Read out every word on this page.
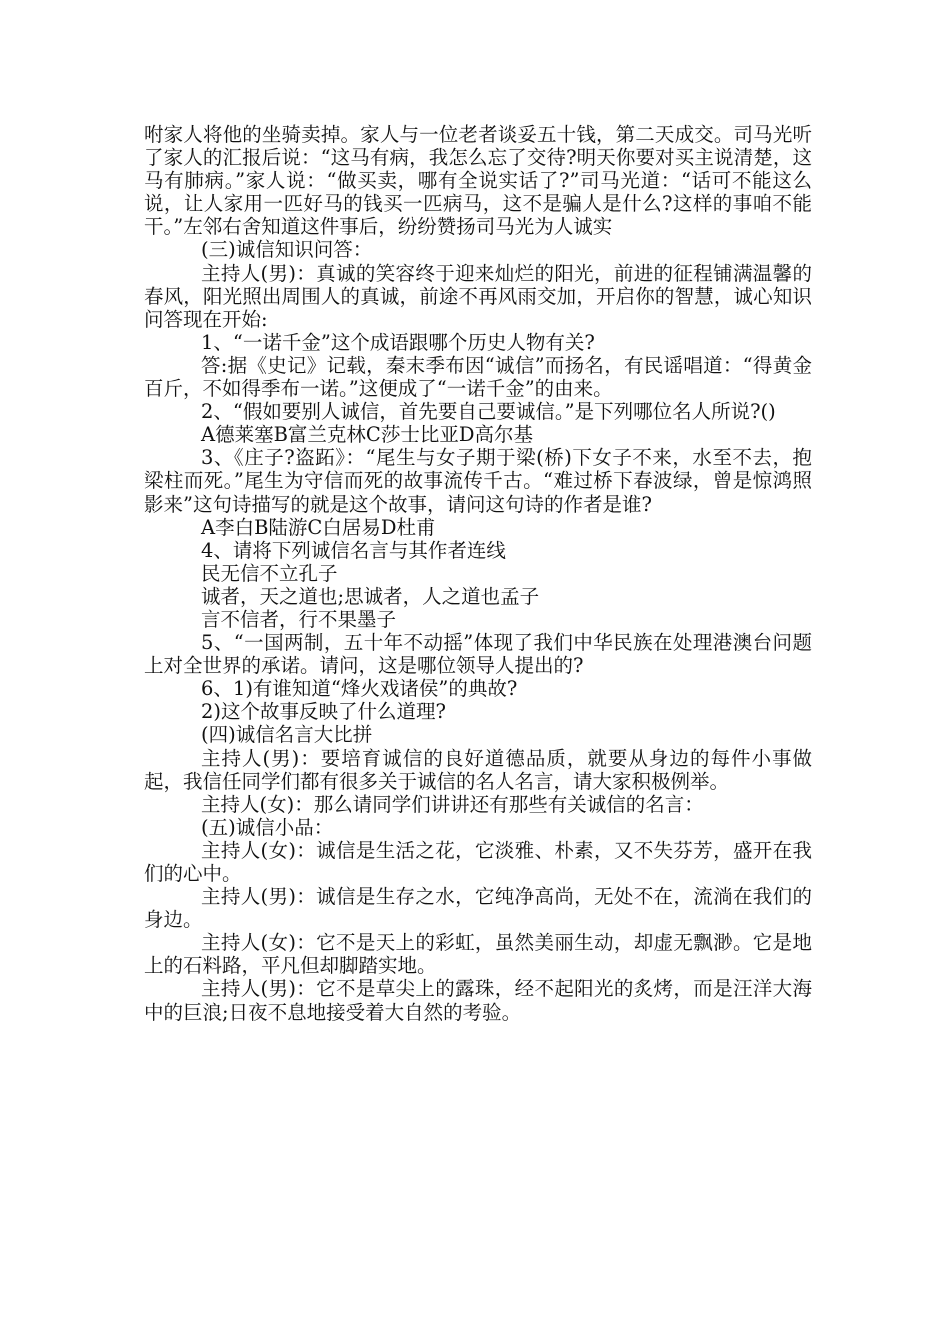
咐家人将他的坐骑卖掉。家人与一位老者谈妥五十钱，第二天成交。司马光听了家人的汇报后说：“这马有病，我怎么忘了交待?明天你要对买主说清楚，这马有肺病。”家人说：“做买卖，哪有全说实话了?”司马光道：“话可不能这么说，让人家用一匹好马的钱买一匹病马，这不是骗人是什么?这样的事咱不能干。”左邻右舍知道这件事后，纷纷赞扬司马光为人诚实

(三)诚信知识问答：

主持人(男)：真诚的笑容终于迎来灿烂的阳光，前进的征程铺满温馨的春风，阳光照出周围人的真诚，前途不再风雨交加，开启你的智慧，诚心知识问答现在开始:

1、“一诺千金”这个成语跟哪个历史人物有关?

答:据《史记》记载，秦末季布因“诚信”而扬名，有民谣唱道：“得黄金百斤，不如得季布一诺。”这便成了“一诺千金”的由来。

2、“假如要别人诚信，首先要自己要诚信。”是下列哪位名人所说?()

A德莱塞B富兰克林C莎士比亚D高尔基

3、《庄子?盗跖》：“尾生与女子期于梁(桥)下女子不来，水至不去，抱梁柱而死。”尾生为守信而死的故事流传千古。“难过桥下春波绿，曾是惊鸿照影来”这句诗描写的就是这个故事，请问这句诗的作者是谁?

A李白B陆游C白居易D杜甫

4、请将下列诚信名言与其作者连线

民无信不立孔子

诚者，天之道也;思诚者，人之道也孟子

言不信者，行不果墨子

5、“一国两制，五十年不动摇”体现了我们中华民族在处理港澳台问题上对全世界的承诺。请问，这是哪位领导人提出的?

6、1)有谁知道“烽火戏诸侯”的典故?

2)这个故事反映了什么道理?

(四)诚信名言大比拼

主持人(男)：要培育诚信的良好道德品质，就要从身边的每件小事做起，我信任同学们都有很多关于诚信的名人名言，请大家积极例举。

主持人(女)：那么请同学们讲讲还有那些有关诚信的名言：

(五)诚信小品：

主持人(女)：诚信是生活之花，它淡雅、朴素，又不失芬芳，盛开在我们的心中。

主持人(男)：诚信是生存之水，它纯净高尚，无处不在，流淌在我们的身边。

主持人(女)：它不是天上的彩虹，虽然美丽生动，却虚无飘渺。它是地上的石料路，平凡但却脚踏实地。

主持人(男)：它不是草尖上的露珠，经不起阳光的炙烤，而是汪洋大海中的巨浪;日夜不息地接受着大自然的考验。
